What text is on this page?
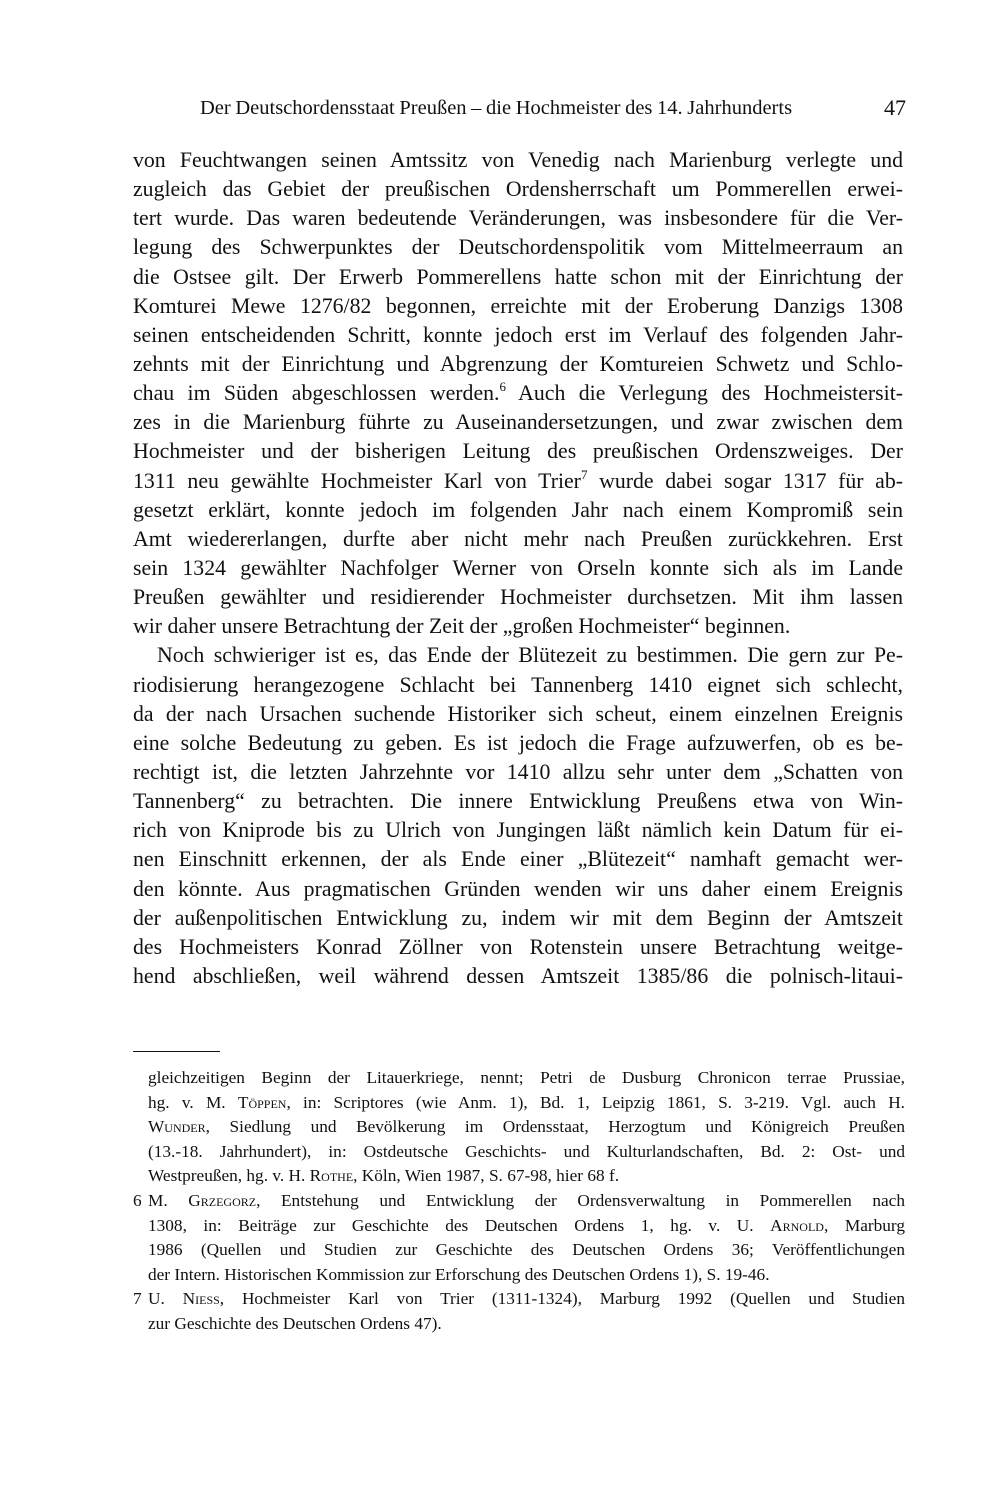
Der Deutschordensstaat Preußen – die Hochmeister des 14. Jahrhunderts	47
von Feuchtwangen seinen Amtssitz von Venedig nach Marienburg verlegte und
zugleich das Gebiet der preußischen Ordensherrschaft um Pommerellen erwei-
tert wurde. Das waren bedeutende Veränderungen, was insbesondere für die Ver-
legung des Schwerpunktes der Deutschordenspolitik vom Mittelmeerraum an
die Ostsee gilt. Der Erwerb Pommerellens hatte schon mit der Einrichtung der
Komturei Mewe 1276/82 begonnen, erreichte mit der Eroberung Danzigs 1308
seinen entscheidenden Schritt, konnte jedoch erst im Verlauf des folgenden Jahr-
zehnts mit der Einrichtung und Abgrenzung der Komtureien Schwetz und Schlo-
chau im Süden abgeschlossen werden.$^6$ Auch die Verlegung des Hochmeistersit-
zes in die Marienburg führte zu Auseinandersetzungen, und zwar zwischen dem
Hochmeister und der bisherigen Leitung des preußischen Ordenszweiges. Der
1311 neu gewählte Hochmeister Karl von Trier$^7$ wurde dabei sogar 1317 für ab-
gesetzt erklärt, konnte jedoch im folgenden Jahr nach einem Kompromiß sein
Amt wiedererlangen, durfte aber nicht mehr nach Preußen zurückkehren. Erst
sein 1324 gewählter Nachfolger Werner von Orseln konnte sich als im Lande
Preußen gewählter und residierender Hochmeister durchsetzen. Mit ihm lassen
wir daher unsere Betrachtung der Zeit der „großen Hochmeister“ beginnen.
Noch schwieriger ist es, das Ende der Blütezeit zu bestimmen. Die gern zur Pe-
riodisierung herangezogene Schlacht bei Tannenberg 1410 eignet sich schlecht,
da der nach Ursachen suchende Historiker sich scheut, einem einzelnen Ereignis
eine solche Bedeutung zu geben. Es ist jedoch die Frage aufzuwerfen, ob es be-
rechtigt ist, die letzten Jahrzehnte vor 1410 allzu sehr unter dem „Schatten von
Tannenberg“ zu betrachten. Die innere Entwicklung Preußens etwa von Win-
rich von Kniprode bis zu Ulrich von Jungingen läßt nämlich kein Datum für ei-
nen Einschnitt erkennen, der als Ende einer „Blütezeit“ namhaft gemacht wer-
den könnte. Aus pragmatischen Gründen wenden wir uns daher einem Ereignis
der außenpolitischen Entwicklung zu, indem wir mit dem Beginn der Amtszeit
des Hochmeisters Konrad Zöllner von Rotenstein unsere Betrachtung weitge-
hend abschließen, weil während dessen Amtszeit 1385/86 die polnisch-litaui-
gleichzeitigen Beginn der Litauerkriege, nennt; Petri de Dusburg Chronicon terrae Prussiae,
hg. v. M. Töppen, in: Scriptores (wie Anm. 1), Bd. 1, Leipzig 1861, S. 3-219. Vgl. auch H.
Wunder, Siedlung und Bevölkerung im Ordensstaat, Herzogtum und Königreich Preußen
(13.-18. Jahrhundert), in: Ostdeutsche Geschichts- und Kulturlandschaften, Bd. 2: Ost- und
Westpreußen, hg. v. H. Rothe, Köln, Wien 1987, S. 67-98, hier 68 f.
6 M. Grzegorz, Entstehung und Entwicklung der Ordensverwaltung in Pommerellen nach
1308, in: Beiträge zur Geschichte des Deutschen Ordens 1, hg. v. U. Arnold, Marburg
1986 (Quellen und Studien zur Geschichte des Deutschen Ordens 36; Veröffentlichungen
der Intern. Historischen Kommission zur Erforschung des Deutschen Ordens 1), S. 19-46.
7 U. Niess, Hochmeister Karl von Trier (1311-1324), Marburg 1992 (Quellen und Studien
zur Geschichte des Deutschen Ordens 47).
